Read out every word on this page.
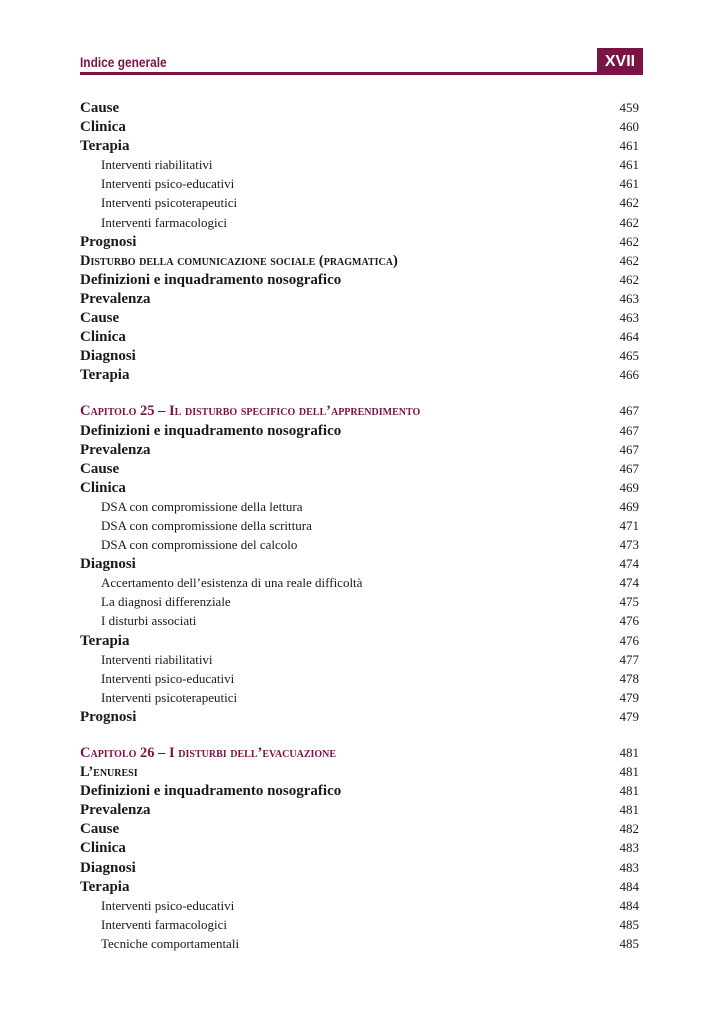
Indice generale	XVII
Cause	459
Clinica	460
Terapia	461
Interventi riabilitativi	461
Interventi psico-educativi	461
Interventi psicoterapeutici	462
Interventi farmacologici	462
Prognosi	462
Disturbo della comunicazione sociale (pragmatica)	462
Definizioni e inquadramento nosografico	462
Prevalenza	463
Cause	463
Clinica	464
Diagnosi	465
Terapia	466
Capitolo 25 – Il disturbo specifico dell’apprendimento	467
Definizioni e inquadramento nosografico	467
Prevalenza	467
Cause	467
Clinica	469
DSA con compromissione della lettura	469
DSA con compromissione della scrittura	471
DSA con compromissione del calcolo	473
Diagnosi	474
Accertamento dell’esistenza di una reale difficoltà	474
La diagnosi differenziale	475
I disturbi associati	476
Terapia	476
Interventi riabilitativi	477
Interventi psico-educativi	478
Interventi psicoterapeutici	479
Prognosi	479
Capitolo 26 – I disturbi dell’evacuazione	481
L’enuresi	481
Definizioni e inquadramento nosografico	481
Prevalenza	481
Cause	482
Clinica	483
Diagnosi	483
Terapia	484
Interventi psico-educativi	484
Interventi farmacologici	485
Tecniche comportamentali	485
